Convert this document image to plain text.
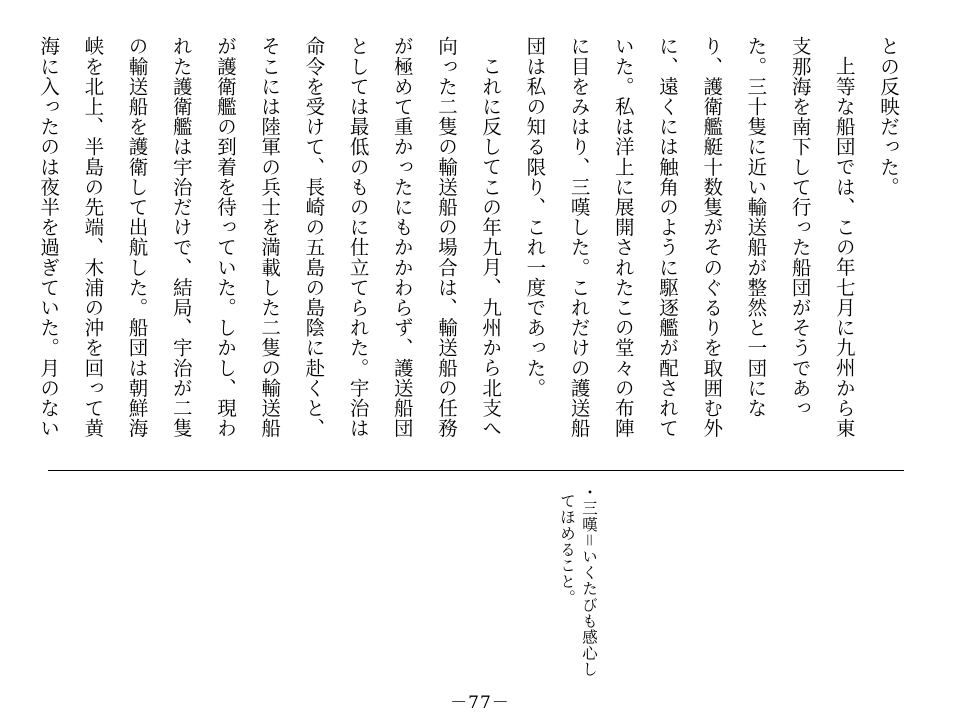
との反映だった。

上等な船団では、この年七月に九州から東支那海を南下して行った船団がそうであった。三十隻に近い輸送船が整然と一団になり、護衛艦艇十数隻がそのぐるりを取囲む外に、遠くには触角のように駆逐艦が配されていた。私は洋上に展開されたこの堂々の布陣に目をみはり、三嘆した。これだけの護送船団は私の知る限り、これ一度であった。

これに反してこの年九月、九州から北支へ向った二隻の輸送船の場合は、輸送船の任務が極めて重かったにもかかわらず、護送船団としては最低のものに仕立てられた。宇治は命令を受けて、長崎の五島の島陰に赴くと、そこには陸軍の兵士を満載した二隻の輸送船が護衛艦の到着を待っていた。しかし、現われた護衛艦は宇治だけで、結局、宇治が二隻の輸送船を護衛して出航した。船団は朝鮮海峡を北上、半島の先端、木浦の沖を回って黄海に入ったのは夜半を過ぎていた。月のない

・三嘆＝いくたびも感心してほめること。

－77－
